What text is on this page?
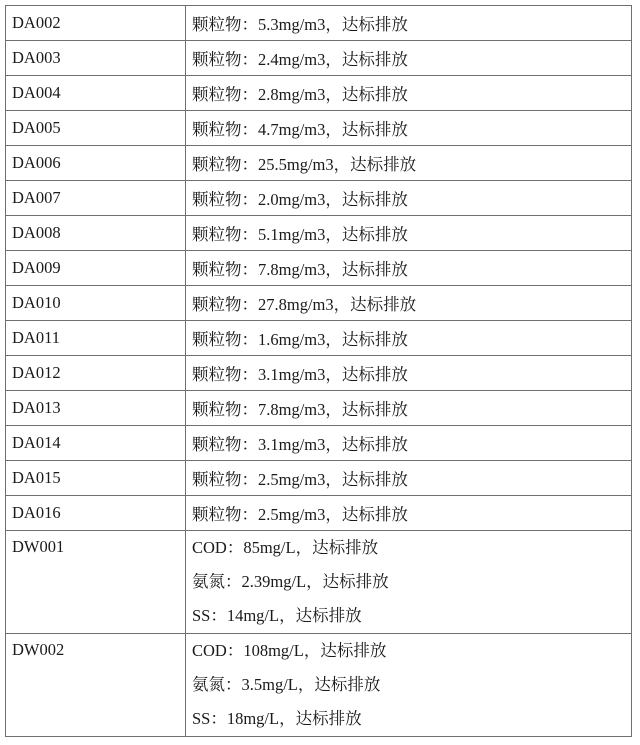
DA002	颗粒物：5.3mg/m3，达标排放
DA003	颗粒物：2.4mg/m3，达标排放
DA004	颗粒物：2.8mg/m3，达标排放
DA005	颗粒物：4.7mg/m3，达标排放
DA006	颗粒物：25.5mg/m3，达标排放
DA007	颗粒物：2.0mg/m3，达标排放
DA008	颗粒物：5.1mg/m3，达标排放
DA009	颗粒物：7.8mg/m3，达标排放
DA010	颗粒物：27.8mg/m3，达标排放
DA011	颗粒物：1.6mg/m3，达标排放
DA012	颗粒物：3.1mg/m3，达标排放
DA013	颗粒物：7.8mg/m3，达标排放
DA014	颗粒物：3.1mg/m3，达标排放
DA015	颗粒物：2.5mg/m3，达标排放
DA016	颗粒物：2.5mg/m3，达标排放
DW001	COD：85mg/L，达标排放
氨氮：2.39mg/L，达标排放
SS：14mg/L，达标排放

DW002	COD：108mg/L，达标排放
氨氮：3.5mg/L，达标排放
SS：18mg/L，达标排放
